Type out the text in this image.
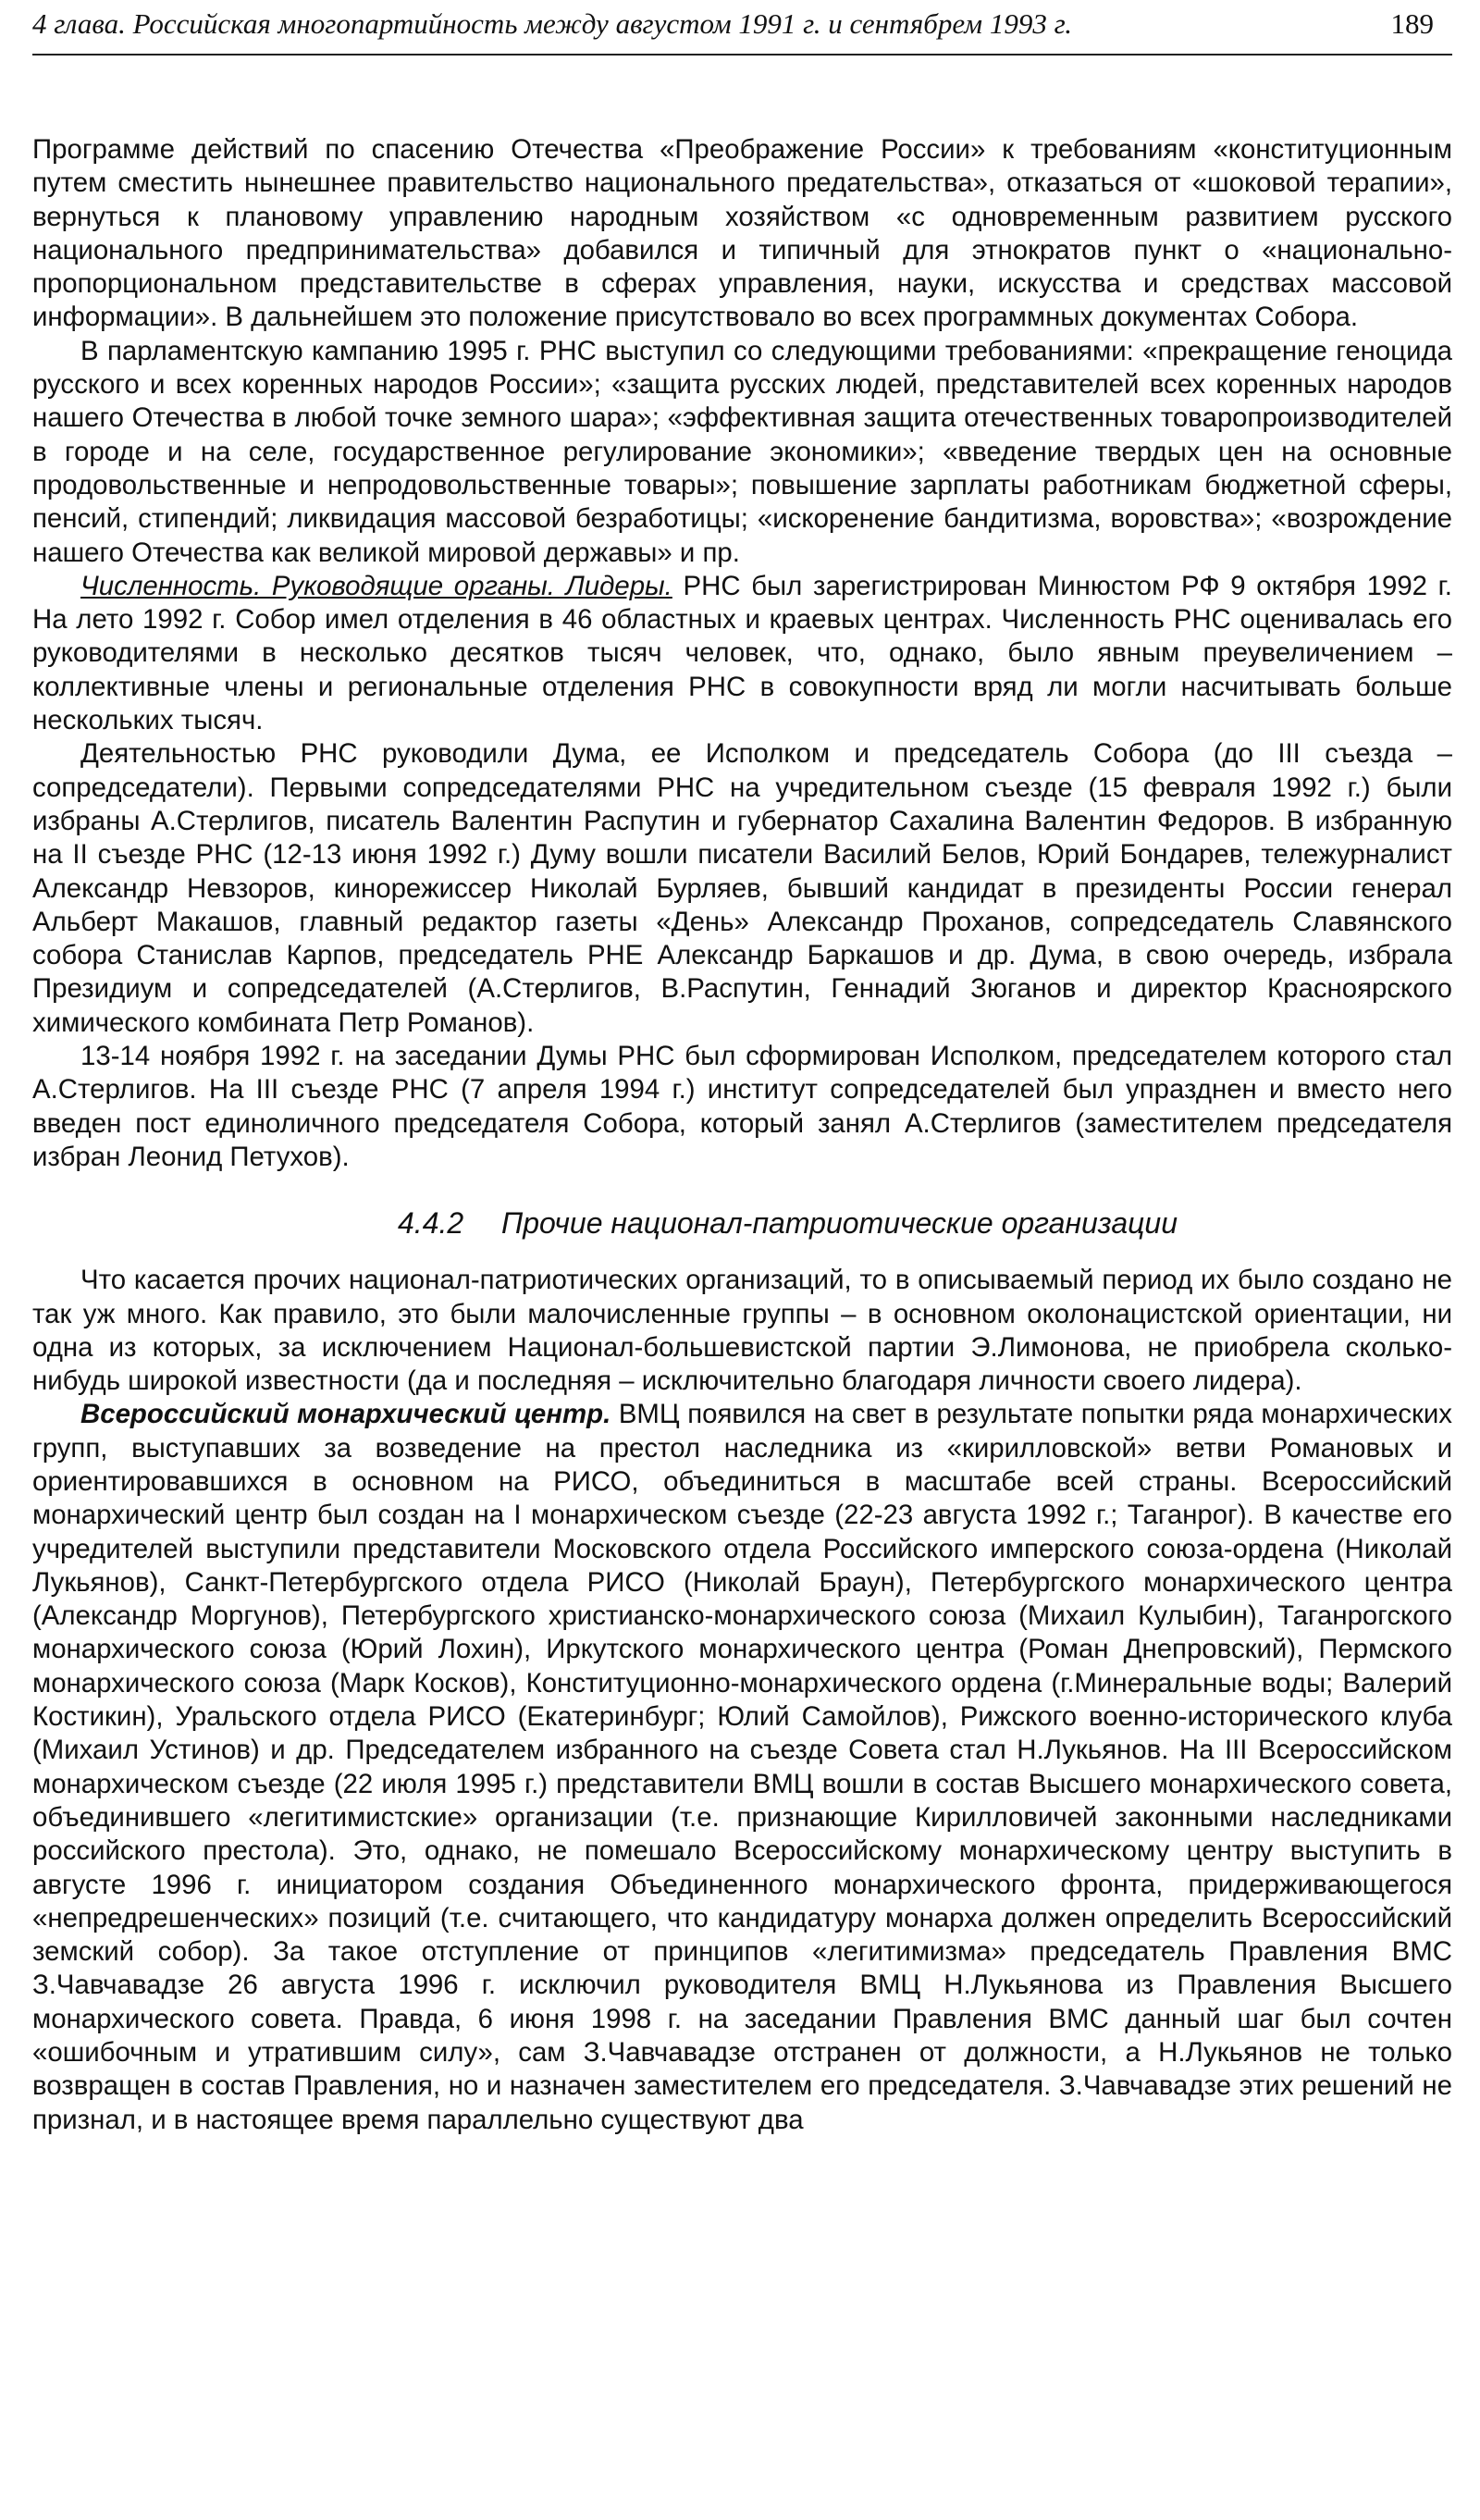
4 глава. Российская многопартийность между августом 1991 г. и сентябрем 1993 г.	189

Программе действий по спасению Отечества «Преображение России» к требованиям «конституционным путем сместить нынешнее правительство национального предательства», отказаться от «шоковой терапии», вернуться к плановому управлению народным хозяйством «с одновременным развитием русского национального предпринимательства» добавился и типичный для этнократов пункт о «национально-пропорциональном представительстве в сферах управления, науки, искусства и средствах массовой информации». В дальнейшем это положение присутствовало во всех программных документах Собора.

В парламентскую кампанию 1995 г. РНС выступил со следующими требованиями: «прекращение геноцида русского и всех коренных народов России»; «защита русских людей, представителей всех коренных народов нашего Отечества в любой точке земного шара»; «эффективная защита отечественных товаропроизводителей в городе и на селе, государственное регулирование экономики»; «введение твердых цен на основные продовольственные и непродовольственные товары»; повышение зарплаты работникам бюджетной сферы, пенсий, стипендий; ликвидация массовой безработицы; «искоренение бандитизма, воровства»; «возрождение нашего Отечества как великой мировой державы» и пр.

Численность. Руководящие органы. Лидеры. РНС был зарегистрирован Минюстом РФ 9 октября 1992 г. На лето 1992 г. Собор имел отделения в 46 областных и краевых центрах. Численность РНС оценивалась его руководителями в несколько десятков тысяч человек, что, однако, было явным преувеличением – коллективные члены и региональные отделения РНС в совокупности вряд ли могли насчитывать больше нескольких тысяч.

Деятельностью РНС руководили Дума, ее Исполком и председатель Собора (до III съезда – сопредседатели). Первыми сопредседателями РНС на учредительном съезде (15 февраля 1992 г.) были избраны А.Стерлигов, писатель Валентин Распутин и губернатор Сахалина Валентин Федоров. В избранную на II съезде РНС (12-13 июня 1992 г.) Думу вошли писатели Василий Белов, Юрий Бондарев, тележурналист Александр Невзоров, кинорежиссер Николай Бурляев, бывший кандидат в президенты России генерал Альберт Макашов, главный редактор газеты «День» Александр Проханов, сопредседатель Славянского собора Станислав Карпов, председатель РНЕ Александр Баркашов и др. Дума, в свою очередь, избрала Президиум и сопредседателей (А.Стерлигов, В.Распутин, Геннадий Зюганов и директор Красноярского химического комбината Петр Романов).

13-14 ноября 1992 г. на заседании Думы РНС был сформирован Исполком, председателем которого стал А.Стерлигов. На III съезде РНС (7 апреля 1994 г.) институт сопредседателей был упразднен и вместо него введен пост единоличного председателя Собора, который занял А.Стерлигов (заместителем председателя избран Леонид Петухов).

4.4.2 Прочие национал-патриотические организации

Что касается прочих национал-патриотических организаций, то в описываемый период их было создано не так уж много. Как правило, это были малочисленные группы – в основном околонацистской ориентации, ни одна из которых, за исключением Национал-большевистской партии Э.Лимонова, не приобрела сколько-нибудь широкой известности (да и последняя – исключительно благодаря личности своего лидера).

Всероссийский монархический центр. ВМЦ появился на свет в результате попытки ряда монархических групп, выступавших за возведение на престол наследника из «кирилловской» ветви Романовых и ориентировавшихся в основном на РИСО, объединиться в масштабе всей страны. Всероссийский монархический центр был создан на I монархическом съезде (22-23 августа 1992 г.; Таганрог). В качестве его учредителей выступили представители Московского отдела Российского имперского союза-ордена (Николай Лукьянов), Санкт-Петербургского отдела РИСО (Николай Браун), Петербургского монархического центра (Александр Моргунов), Петербургского христианско-монархического союза (Михаил Кулыбин), Таганрогского монархического союза (Юрий Лохин), Иркутского монархического центра (Роман Днепровский), Пермского монархического союза (Марк Косков), Конституционно-монархического ордена (г.Минеральные воды; Валерий Костикин), Уральского отдела РИСО (Екатеринбург; Юлий Самойлов), Рижского военно-исторического клуба (Михаил Устинов) и др. Председателем избранного на съезде Совета стал Н.Лукьянов. На III Всероссийском монархическом съезде (22 июля 1995 г.) представители ВМЦ вошли в состав Высшего монархического совета, объединившего «легитимистские» организации (т.е. признающие Кирилловичей законными наследниками российского престола). Это, однако, не помешало Всероссийскому монархическому центру выступить в августе 1996 г. инициатором создания Объединенного монархического фронта, придерживающегося «непредрешенческих» позиций (т.е. считающего, что кандидатуру монарха должен определить Всероссийский земский собор). За такое отступление от принципов «легитимизма» председатель Правления ВМС З.Чавчавадзе 26 августа 1996 г. исключил руководителя ВМЦ Н.Лукьянова из Правления Высшего монархического совета. Правда, 6 июня 1998 г. на заседании Правления ВМС данный шаг был сочтен «ошибочным и утратившим силу», сам З.Чавчавадзе отстранен от должности, а Н.Лукьянов не только возвращен в состав Правления, но и назначен заместителем его председателя. З.Чавчавадзе этих решений не признал, и в настоящее время параллельно существуют два
